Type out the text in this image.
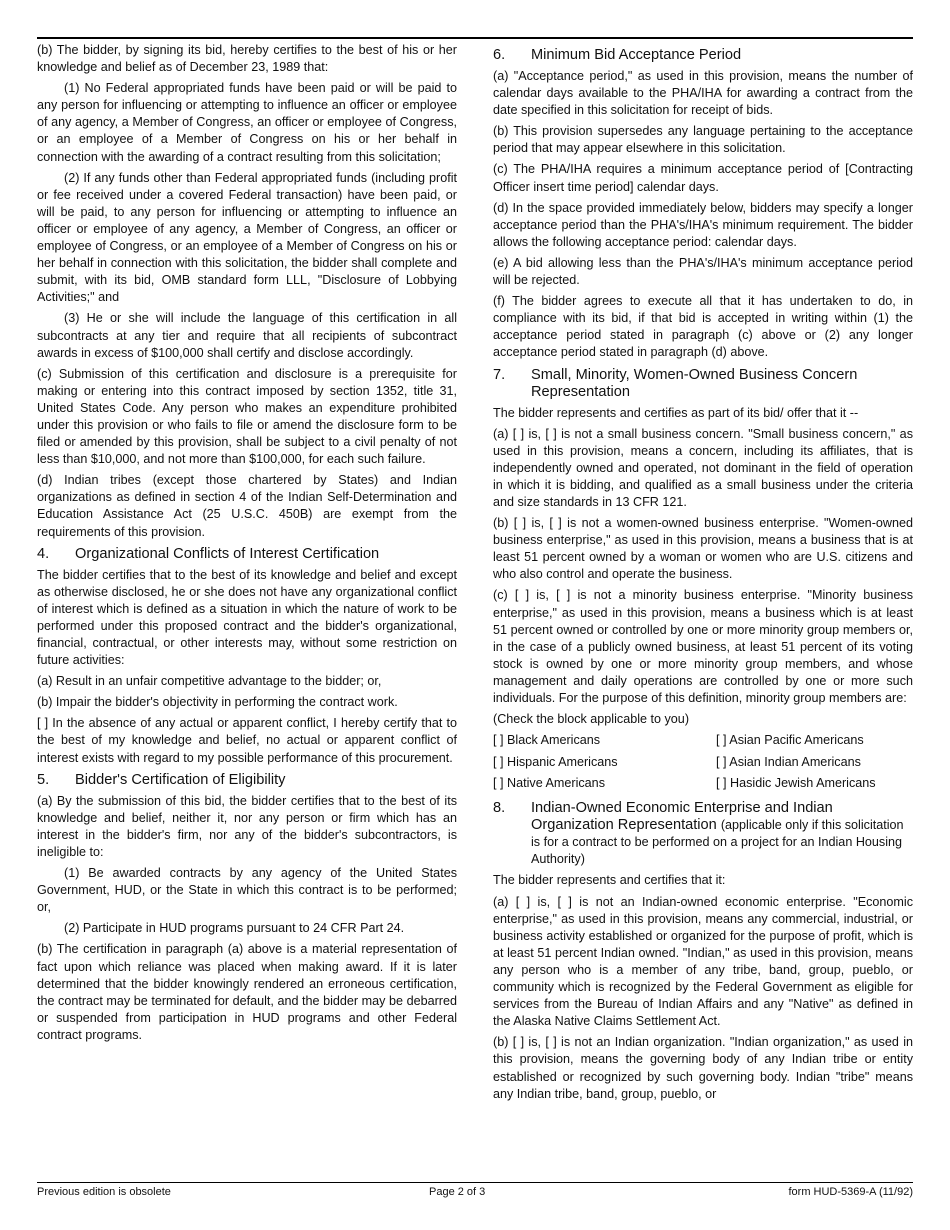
(b) The bidder, by signing its bid, hereby certifies to the best of his or her knowledge and belief as of December 23, 1989 that:

(1) No Federal appropriated funds have been paid or will be paid to any person for influencing or attempting to influence an officer or employee of any agency, a Member of Congress, an officer or employee of Congress, or an employee of a Member of Congress on his or her behalf in connection with the awarding of a contract resulting from this solicitation;

(2) If any funds other than Federal appropriated funds (including profit or fee received under a covered Federal transaction) have been paid, or will be paid, to any person for influencing or attempting to influence an officer or employee of any agency, a Member of Congress, an officer or employee of Congress, or an employee of a Member of Congress on his or her behalf in connection with this solicitation, the bidder shall complete and submit, with its bid, OMB standard form LLL, "Disclosure of Lobbying Activities;" and

(3) He or she will include the language of this certification in all subcontracts at any tier and require that all recipients of subcontract awards in excess of $100,000 shall certify and disclose accordingly.

(c) Submission of this certification and disclosure is a prerequisite for making or entering into this contract imposed by section 1352, title 31, United States Code. Any person who makes an expenditure prohibited under this provision or who fails to file or amend the disclosure form to be filed or amended by this provision, shall be subject to a civil penalty of not less than $10,000, and not more than $100,000, for each such failure.

(d) Indian tribes (except those chartered by States) and Indian organizations as defined in section 4 of the Indian Self-Determination and Education Assistance Act (25 U.S.C. 450B) are exempt from the requirements of this provision.

4.	Organizational Conflicts of Interest Certification

The bidder certifies that to the best of its knowledge and belief and except as otherwise disclosed, he or she does not have any organizational conflict of interest which is defined as a situation in which the nature of work to be performed under this proposed contract and the bidder's organizational, financial, contractual, or other interests may, without some restriction on future activities:

(a) Result in an unfair competitive advantage to the bidder; or,

(b) Impair the bidder's objectivity in performing the contract work.

[ ] In the absence of any actual or apparent conflict, I hereby certify that to the best of my knowledge and belief, no actual or apparent conflict of interest exists with regard to my possible performance of this procurement.

5.	Bidder's Certification of Eligibility

(a) By the submission of this bid, the bidder certifies that to the best of its knowledge and belief, neither it, nor any person or firm which has an interest in the bidder's firm, nor any of the bidder's subcontractors, is ineligible to:

(1) Be awarded contracts by any agency of the United States Government, HUD, or the State in which this contract is to be performed; or,

(2) Participate in HUD programs pursuant to 24 CFR Part 24.

(b) The certification in paragraph (a) above is a material representation of fact upon which reliance was placed when making award. If it is later determined that the bidder knowingly rendered an erroneous certification, the contract may be terminated for default, and the bidder may be debarred or suspended from participation in HUD programs and other Federal contract programs.

6.	Minimum Bid Acceptance Period

(a) "Acceptance period," as used in this provision, means the number of calendar days available to the PHA/IHA for awarding a contract from the date specified in this solicitation for receipt of bids.

(b) This provision supersedes any language pertaining to the acceptance period that may appear elsewhere in this solicitation.

(c) The PHA/IHA requires a minimum acceptance period of [Contracting Officer insert time period] calendar days.

(d) In the space provided immediately below, bidders may specify a longer acceptance period than the PHA's/IHA's minimum requirement. The bidder allows the following acceptance period: calendar days.

(e) A bid allowing less than the PHA's/IHA's minimum acceptance period will be rejected.

(f) The bidder agrees to execute all that it has undertaken to do, in compliance with its bid, if that bid is accepted in writing within (1) the acceptance period stated in paragraph (c) above or (2) any longer acceptance period stated in paragraph (d) above.

7.	Small, Minority, Women-Owned Business Concern Representation

The bidder represents and certifies as part of its bid/ offer that it --

(a) [ ] is, [ ] is not a small business concern. "Small business concern," as used in this provision, means a concern, including its affiliates, that is independently owned and operated, not dominant in the field of operation in which it is bidding, and qualified as a small business under the criteria and size standards in 13 CFR 121.

(b) [ ] is, [ ] is not a women-owned business enterprise. "Women-owned business enterprise," as used in this provision, means a business that is at least 51 percent owned by a woman or women who are U.S. citizens and who also control and operate the business.

(c) [ ] is, [ ] is not a minority business enterprise. "Minority business enterprise," as used in this provision, means a business which is at least 51 percent owned or controlled by one or more minority group members or, in the case of a publicly owned business, at least 51 percent of its voting stock is owned by one or more minority group members, and whose management and daily operations are controlled by one or more such individuals. For the purpose of this definition, minority group members are:

(Check the block applicable to you)

[ ] Black Americans	[ ] Asian Pacific Americans
[ ] Hispanic Americans	[ ] Asian Indian Americans
[ ] Native Americans	[ ] Hasidic Jewish Americans
8.	Indian-Owned Economic Enterprise and Indian Organization Representation (applicable only if this solicitation is for a contract to be performed on a project for an Indian Housing Authority)

The bidder represents and certifies that it:

(a) [ ] is, [ ] is not an Indian-owned economic enterprise. "Economic enterprise," as used in this provision, means any commercial, industrial, or business activity established or organized for the purpose of profit, which is at least 51 percent Indian owned. "Indian," as used in this provision, means any person who is a member of any tribe, band, group, pueblo, or community which is recognized by the Federal Government as eligible for services from the Bureau of Indian Affairs and any "Native" as defined in the Alaska Native Claims Settlement Act.

(b) [ ] is, [ ] is not an Indian organization. "Indian organization," as used in this provision, means the governing body of any Indian tribe or entity established or recognized by such governing body. Indian "tribe" means any Indian tribe, band, group, pueblo, or

Previous edition is obsolete	Page 2 of 3	form HUD-5369-A (11/92)
